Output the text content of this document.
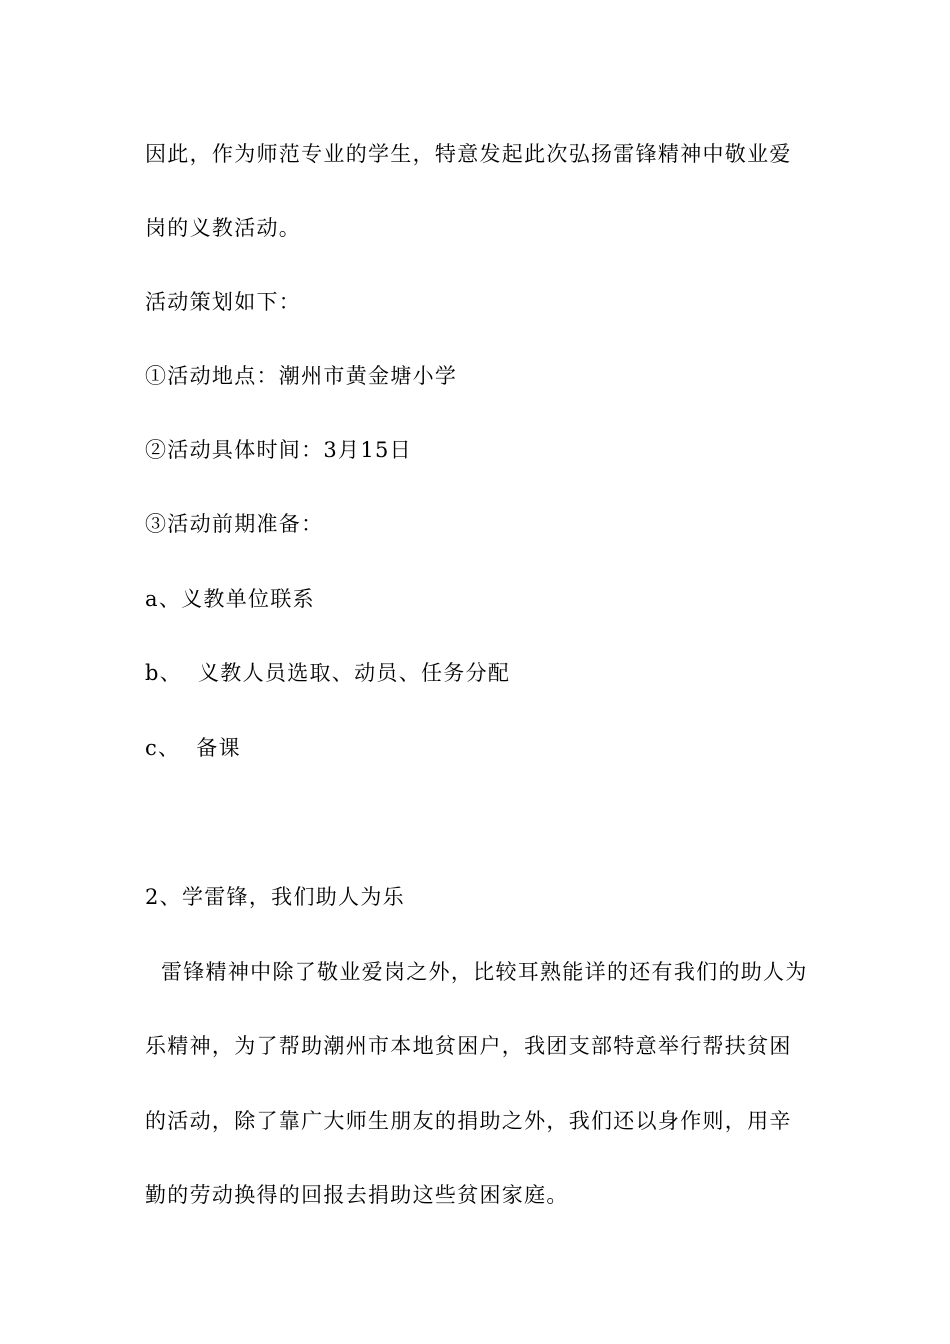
因此，作为师范专业的学生，特意发起此次弘扬雷锋精神中敬业爱
岗的义教活动。
活动策划如下：
①活动地点：潮州市黄金塘小学
②活动具体时间：3月15日
③活动前期准备：
a、义教单位联系
b、  义教人员选取、动员、任务分配
c、  备课
2、学雷锋，我们助人为乐
雷锋精神中除了敬业爱岗之外，比较耳熟能详的还有我们的助人为
乐精神，为了帮助潮州市本地贫困户，我团支部特意举行帮扶贫困
的活动，除了靠广大师生朋友的捐助之外，我们还以身作则，用辛
勤的劳动换得的回报去捐助这些贫困家庭。
